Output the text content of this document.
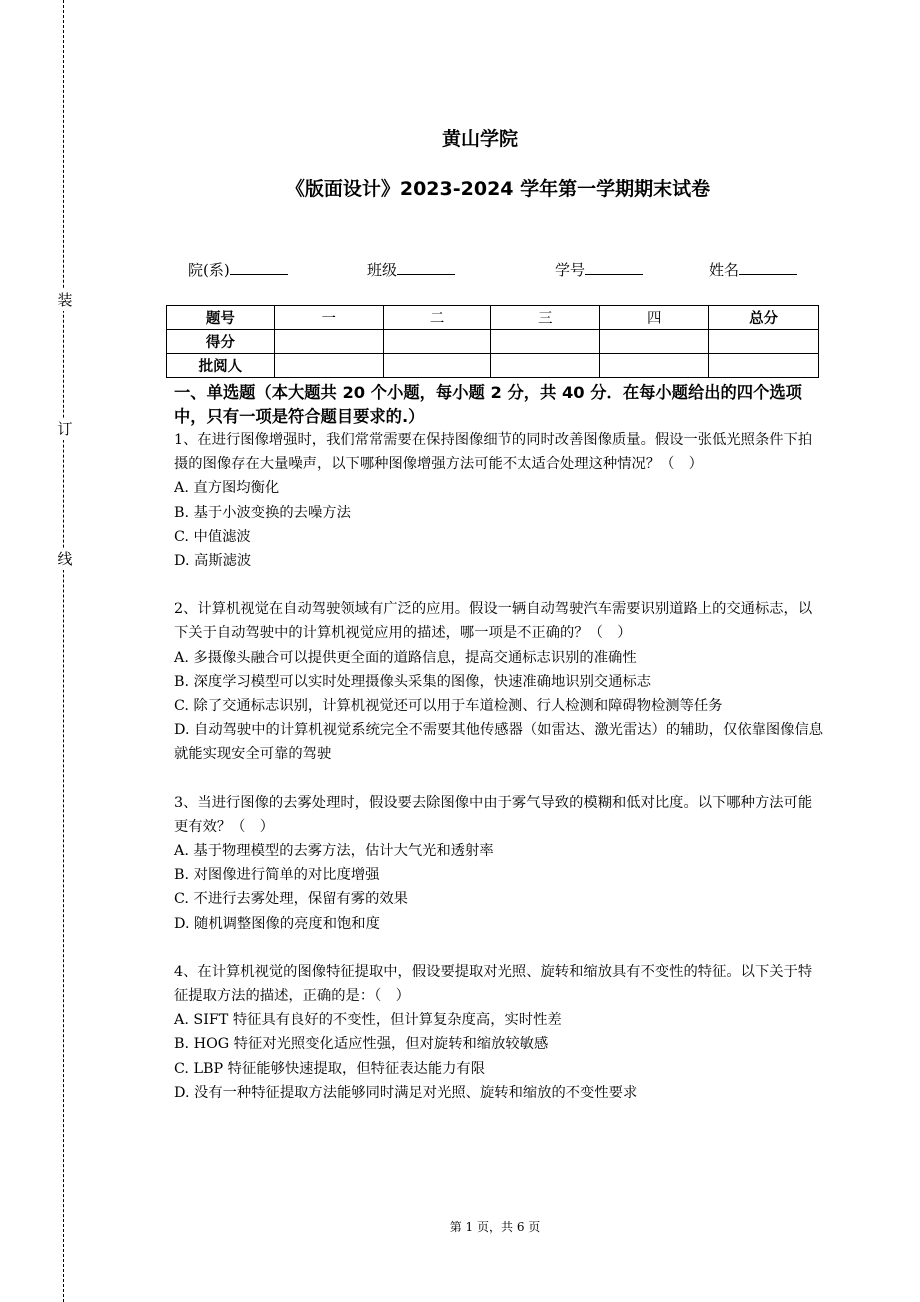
装
订
线
黄山学院
《版面设计》2023-2024 学年第一学期期末试卷
院(系)	班级	学号	姓名
题号	一	二	三	四	总分
得分					
批阅人					
一、单选题（本大题共 20 个小题，每小题 2 分，共 40 分．在每小题给出的四个选项中，只有一项是符合题目要求的.）

1、在进行图像增强时，我们常常需要在保持图像细节的同时改善图像质量。假设一张低光照条件下拍摄的图像存在大量噪声，以下哪种图像增强方法可能不太适合处理这种情况？（　）

A. 直方图均衡化

B. 基于小波变换的去噪方法

C. 中值滤波

D. 高斯滤波

2、计算机视觉在自动驾驶领域有广泛的应用。假设一辆自动驾驶汽车需要识别道路上的交通标志，以下关于自动驾驶中的计算机视觉应用的描述，哪一项是不正确的？（　）

A. 多摄像头融合可以提供更全面的道路信息，提高交通标志识别的准确性

B. 深度学习模型可以实时处理摄像头采集的图像，快速准确地识别交通标志

C. 除了交通标志识别，计算机视觉还可以用于车道检测、行人检测和障碍物检测等任务

D. 自动驾驶中的计算机视觉系统完全不需要其他传感器（如雷达、激光雷达）的辅助，仅依靠图像信息就能实现安全可靠的驾驶

3、当进行图像的去雾处理时，假设要去除图像中由于雾气导致的模糊和低对比度。以下哪种方法可能更有效？（　）

A. 基于物理模型的去雾方法，估计大气光和透射率

B. 对图像进行简单的对比度增强

C. 不进行去雾处理，保留有雾的效果

D. 随机调整图像的亮度和饱和度

4、在计算机视觉的图像特征提取中，假设要提取对光照、旋转和缩放具有不变性的特征。以下关于特征提取方法的描述，正确的是：（　）

A. SIFT 特征具有良好的不变性，但计算复杂度高，实时性差

B. HOG 特征对光照变化适应性强，但对旋转和缩放较敏感

C. LBP 特征能够快速提取，但特征表达能力有限

D. 没有一种特征提取方法能够同时满足对光照、旋转和缩放的不变性要求

第 1 页，共 6 页
